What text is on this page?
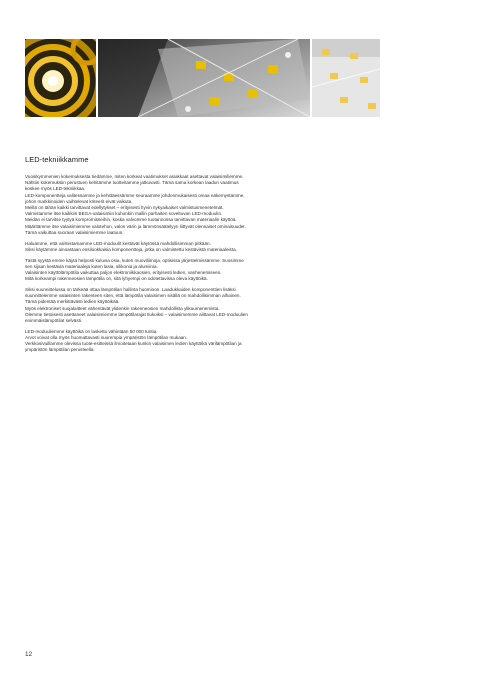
LED-tekniikkamme
Vuosikymmenien kokemuksesta tiedämme, miten korkeat vaatimukset asiakkaat asettavat valaisimillemme.
Nähtiin kokemuksiin perustuen kehitämme tuotteitamme jatkuvasti. Tämä sama korkean laadun vaatimus
koskee myös LED-tekniikkaa.
LED-komponentteja valitessamme ja kehittäessämme seuraamme johdonmukaisesti omaa näkemystämme,
johon markkinoiden vaihtelevat kriteerit eivät vaikuta.
Meillä on tähän kaikki tarvittavat edellytykset – erityisesti hyvin nykyaikaiset valmistusmenetelmät.
Valmistamme itse kaikkiin BEGA-valaisimiin kuhunkin mallin parhaiten soveltuvan LED-moduulin.
Meidän ei tarvitse tyytyä kompromisseihin, koska valvomme tuotannossa tarvittavan materiaalin käyttöä.
Määritämme itse valaisimiemme valotehon, valon värin ja lämmönsäätelyyn liittyvät olennaiset ominaisuudet.
Tämä vaikuttaa suoraan valaisimiemme laatuun.
Haluamme, että valmistamamme LED-moduulit kestävät käytössä mahdollisimman pitkään.
Siksi käytämme ainoastaan ensiluokkaisia komponentteja, jotka on valmistettu kestävistä materiaaleista.
Tästä syystä emme käytä helposti kuluvia osia, kuten muoviliimoja, optisissa järjestelmissämme. Suosimme
sen sijaan kestäviä materiaaleja kuten lasia, silikonia ja alumiinia.
Valaisinten käyttölämpötila vaikuttaa paljon elektroniikkaosien, erityisesti ledien, vanhenemiseen.
Mitä korkeampi rakenneosien lämpötila on, sitä lyhyempi on odotettavissa oleva käyttöikä.
Siksi suunnittelussa on tärkeää ottaa lämpötilan hallinta huomioon. Laadukkaiden komponenttien lisäksi
suunnittelemme valaisinten rakenteen siten, että lämpötila valaisimen sisällä on mahdollisimman alhainen.
Tämä pidentää merkittävästi ledien käyttöikää.
Myös elektroniset suojalaitteet vähentävät ylidenkin rakenneosien mahdollista ylikuumenemista.
Olemme tietoisesti asettaneet valaisimiemme lämpötilarajat tiukoiksi – valaisimemme alittavat LED-moduulien
enimmäislämpötilat selvästi.
LED-moduuliemme käyttöikä on laskettu vähintään 50 000 tuntia.
Arvot voivat olla myös huomattavasti suurempia ympäristön lämpötilan mukaan.
Verkkosivuillamme olevissa tuote-esitteissä ilmoitetaan kunkin valaisimen ledien käyttöikä värilämpötilan ja
ympäristön lämpötilan perusteella.
12
